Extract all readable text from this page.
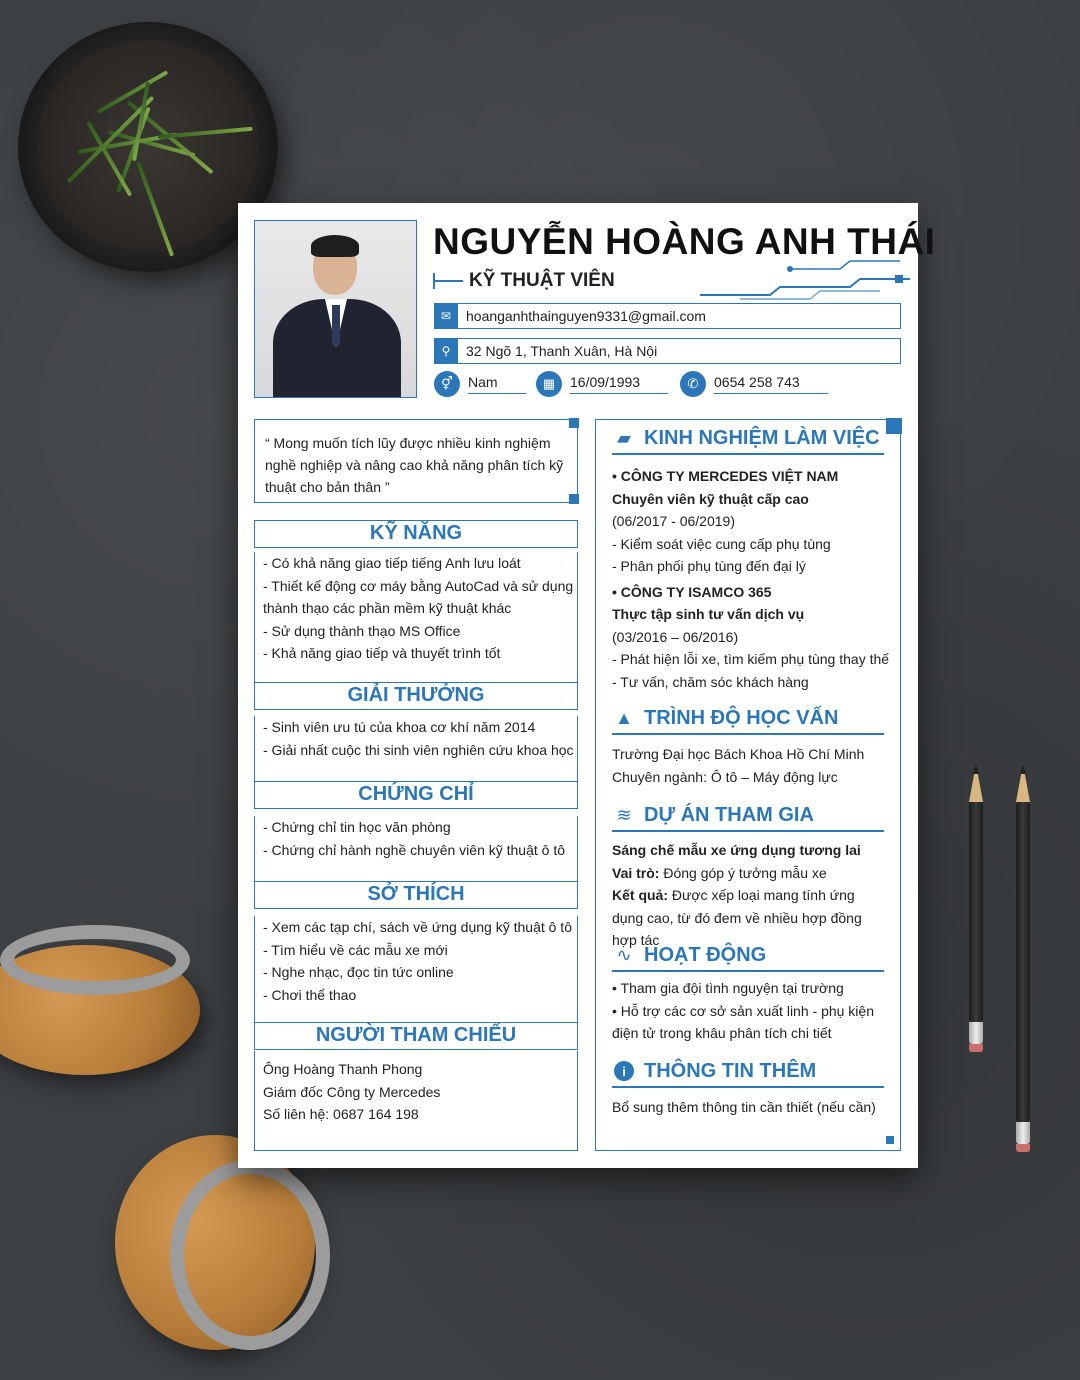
NGUYỄN HOÀNG ANH THÁI
KỸ THUẬT VIÊN
✉	hoanganhthainguyen9331@gmail.com
⚲	32 Ngõ 1, Thanh Xuân, Hà Nội
⚥	Nam	▦	16/09/1993	✆	0654 258 743

“ Mong muốn tích lũy được nhiều kinh nghiệm nghề nghiệp và nâng cao khả năng phân tích kỹ thuật cho bản thân ”

KỸ NĂNG
- Có khả năng giao tiếp tiếng Anh lưu loát
- Thiết kế động cơ máy bằng AutoCad và sử dụng
thành thạo các phần mềm kỹ thuật khác
- Sử dụng thành thạo MS Office
- Khả năng giao tiếp và thuyết trình tốt
GIẢI THƯỞNG
- Sinh viên ưu tú của khoa cơ khí năm 2014
- Giải nhất cuộc thi sinh viên nghiên cứu khoa học
CHỨNG CHỈ
- Chứng chỉ tin học văn phòng
- Chứng chỉ hành nghề chuyên viên kỹ thuật ô tô
SỞ THÍCH
- Xem các tạp chí, sách về ứng dụng kỹ thuật ô tô
- Tìm hiểu về các mẫu xe mới
- Nghe nhạc, đọc tin tức online
- Chơi thể thao
NGƯỜI THAM CHIẾU
Ông Hoàng Thanh Phong
Giám đốc Công ty Mercedes
Số liên hệ: 0687 164 198
▰ KINH NGHIỆM LÀM VIỆC
• CÔNG TY MERCEDES VIỆT NAM
Chuyên viên kỹ thuật cấp cao
(06/2017 - 06/2019)
- Kiểm soát việc cung cấp phụ tùng
- Phân phối phụ tùng đến đại lý
• CÔNG TY ISAMCO 365
Thực tập sinh tư vấn dịch vụ
(03/2016 – 06/2016)
- Phát hiện lỗi xe, tìm kiếm phụ tùng thay thế
- Tư vấn, chăm sóc khách hàng
▲ TRÌNH ĐỘ HỌC VẤN
Trường Đại học Bách Khoa Hồ Chí Minh
Chuyên ngành: Ô tô – Máy động lực
≋ DỰ ÁN THAM GIA
Sáng chế mẫu xe ứng dụng tương lai
Vai trò: Đóng góp ý tưởng mẫu xe
Kết quả: Được xếp loại mang tính ứng dụng cao, từ đó đem về nhiều hợp đồng hợp tác
∿ HOẠT ĐỘNG
• Tham gia đội tình nguyện tại trường
• Hỗ trợ các cơ sở sản xuất linh - phụ kiện điện tử trong khâu phân tích chi tiết
i THÔNG TIN THÊM
Bổ sung thêm thông tin cần thiết (nếu cần)
